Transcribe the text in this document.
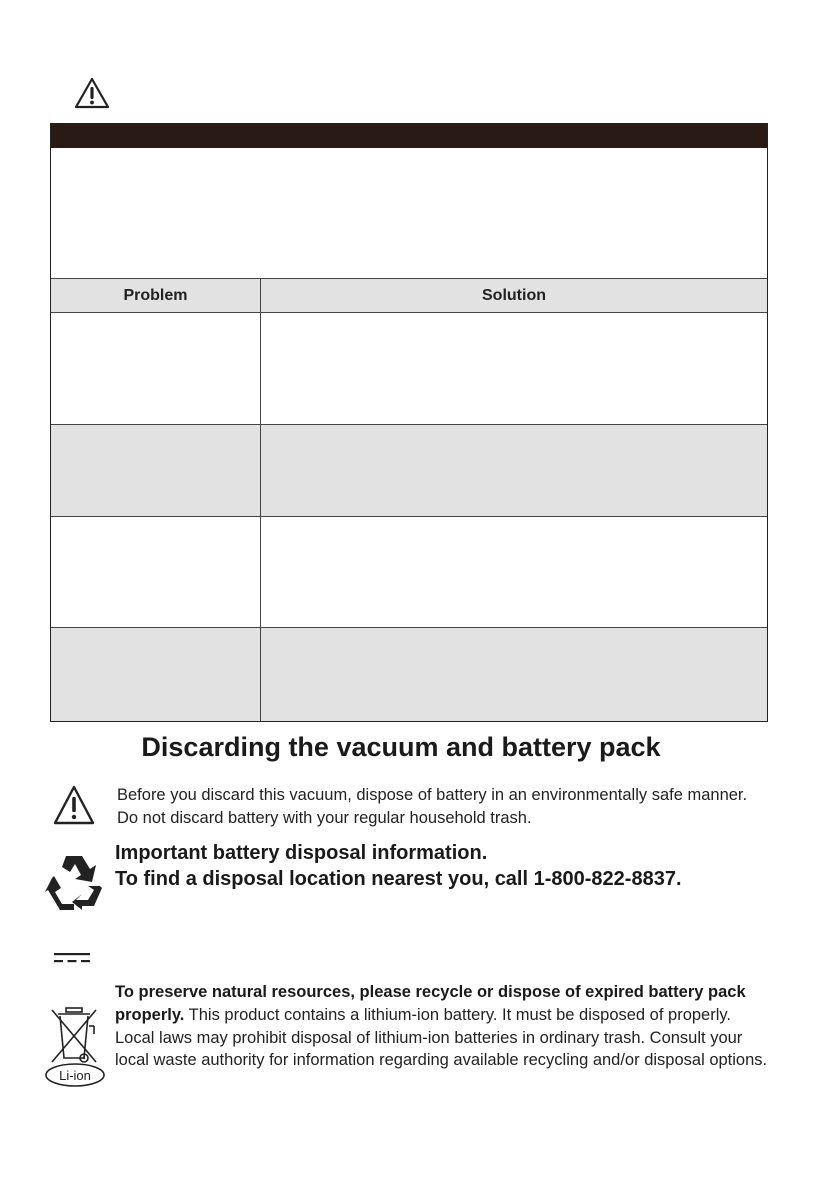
Problem	Solution
Discarding the vacuum and battery pack
Before you discard this vacuum, dispose of battery in an environmentally safe manner. Do not discard battery with your regular household trash.
Important battery disposal information.
To find a disposal location nearest you, call 1-800-822-8837.
Li-ion
To preserve natural resources, please recycle or dispose of expired battery pack properly. This product contains a lithium-ion battery. It must be disposed of properly. Local laws may prohibit disposal of lithium-ion batteries in ordinary trash. Consult your local waste authority for information regarding available recycling and/or disposal options.
